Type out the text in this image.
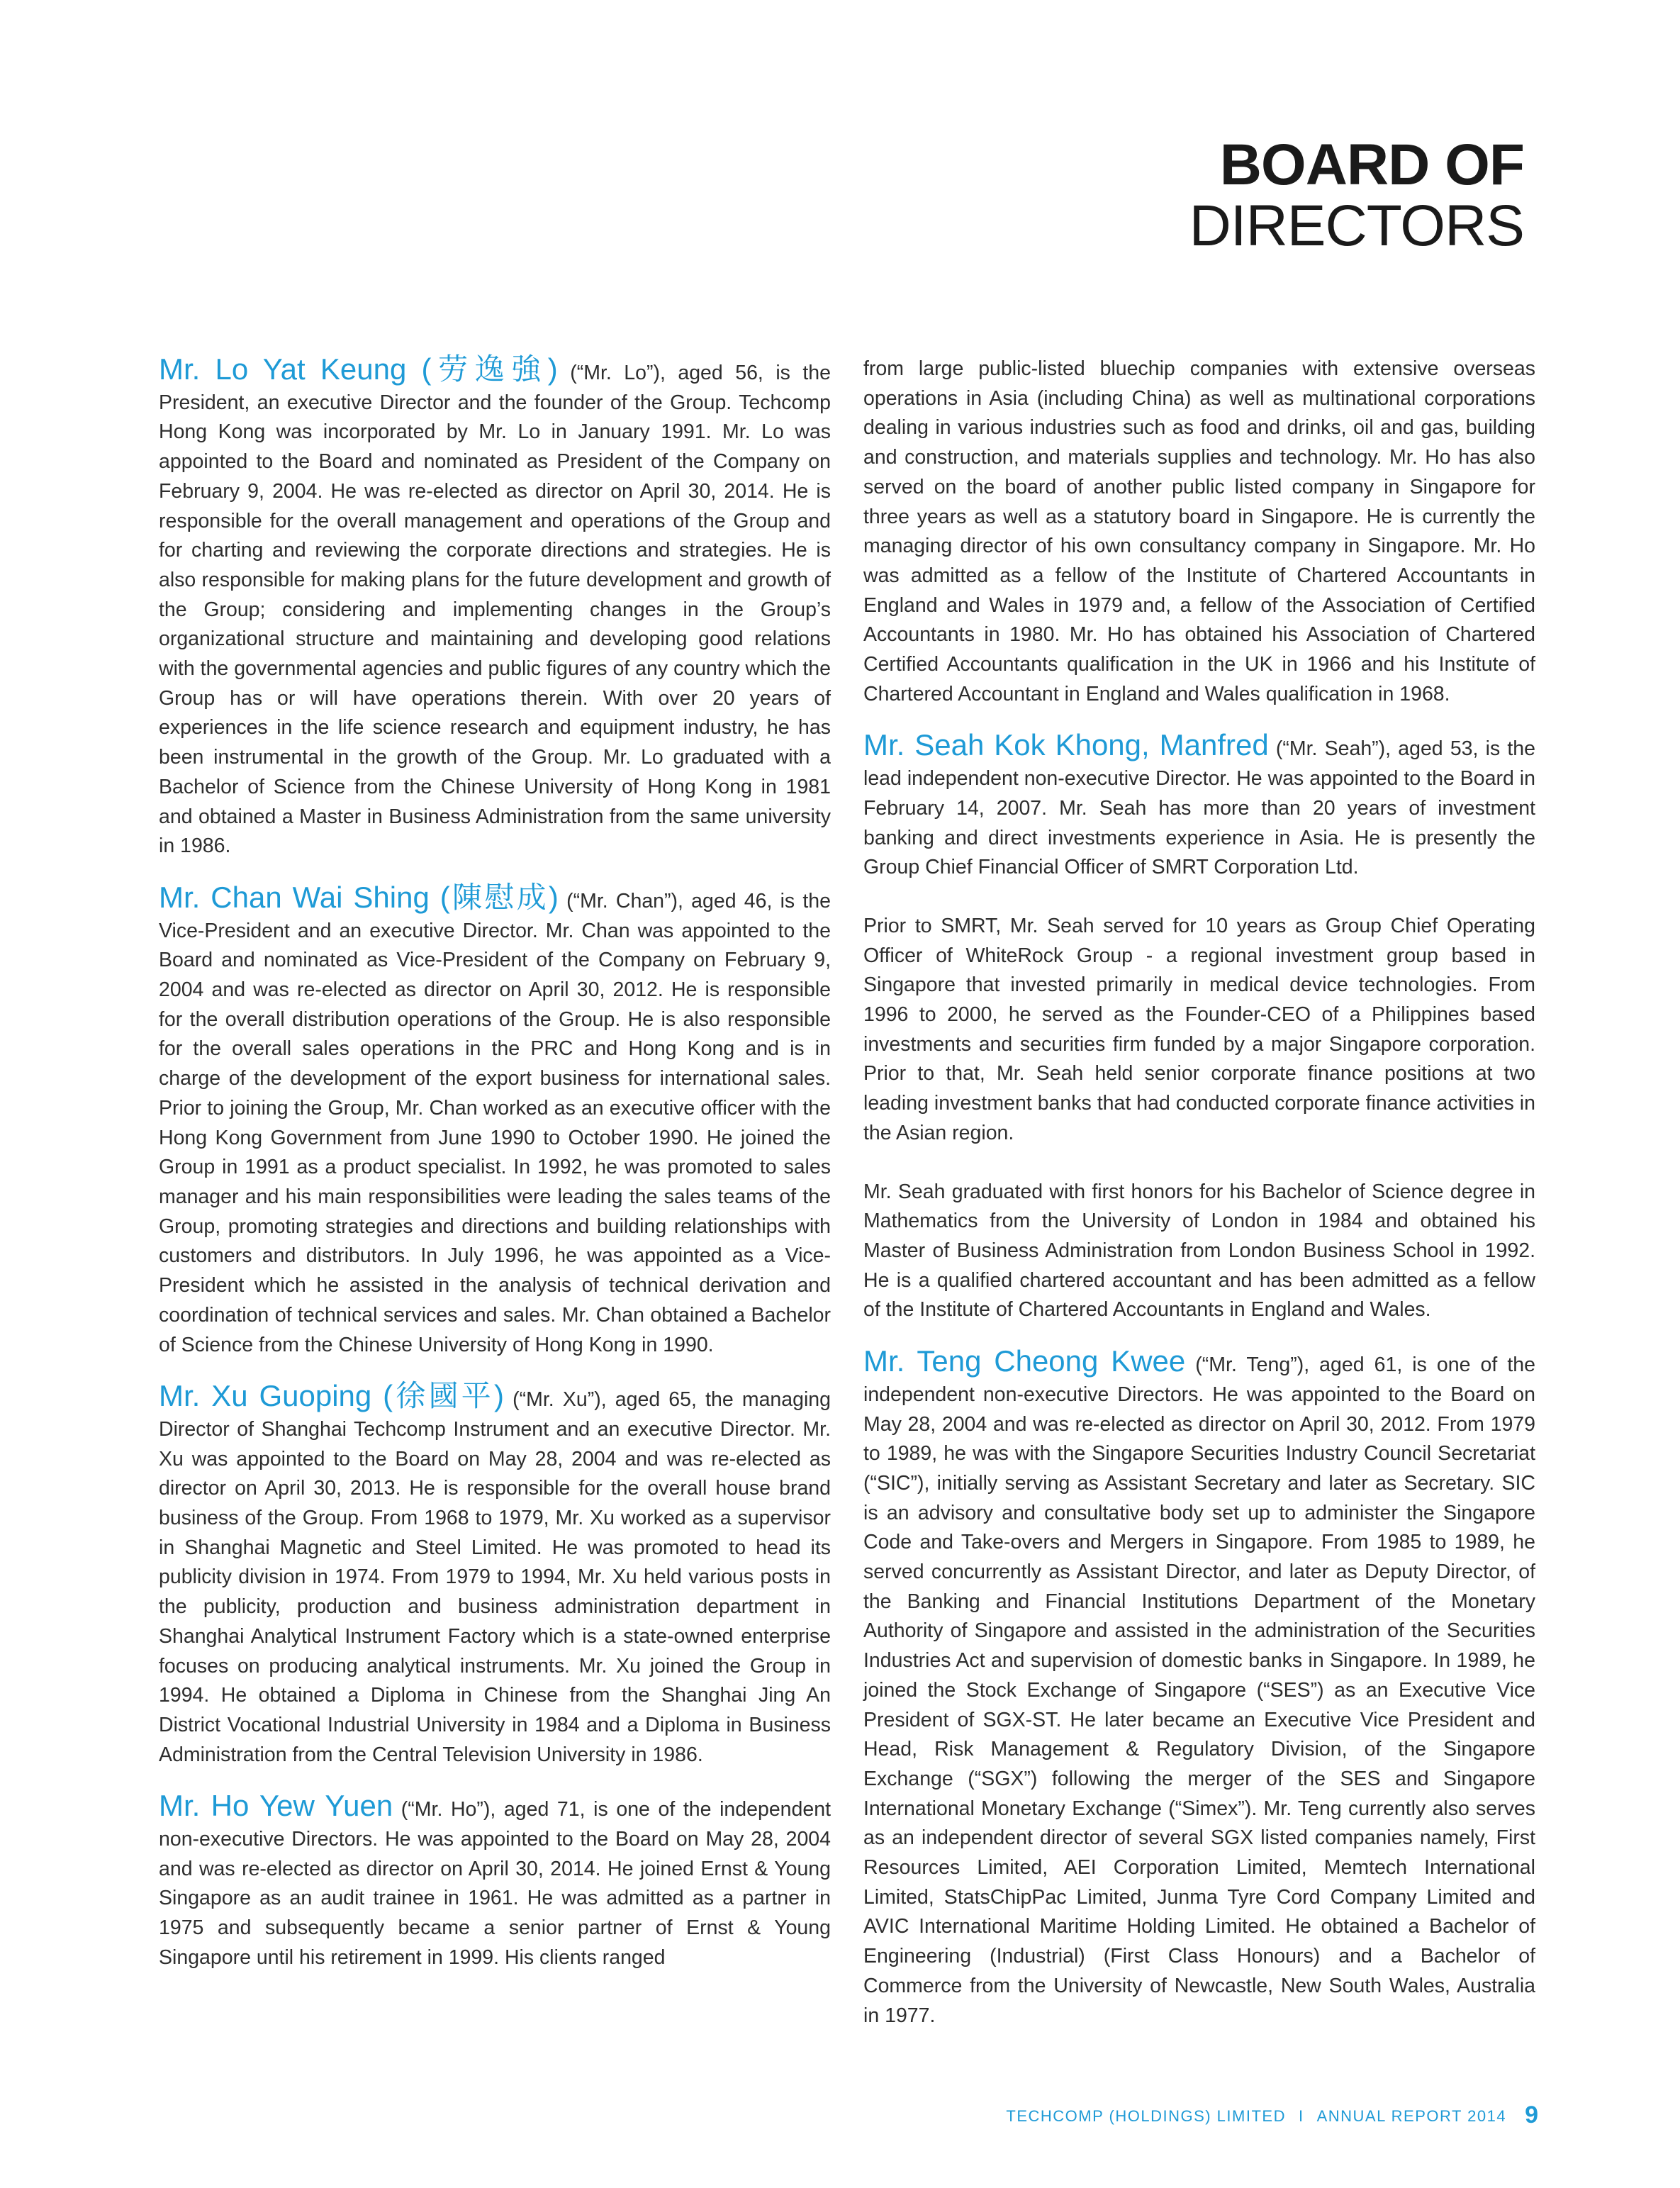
BOARD OF
DIRECTORS

Mr. Lo Yat Keung (劳逸強) (“Mr. Lo”), aged 56, is the President, an executive Director and the founder of the Group. Techcomp Hong Kong was incorporated by Mr. Lo in January 1991. Mr. Lo was appointed to the Board and nominated as President of the Company on February 9, 2004. He was re-elected as director on April 30, 2014. He is responsible for the overall management and operations of the Group and for charting and reviewing the corporate directions and strategies. He is also responsible for making plans for the future development and growth of the Group; considering and implementing changes in the Group’s organizational structure and maintaining and developing good relations with the governmental agencies and public figures of any country which the Group has or will have operations therein. With over 20 years of experiences in the life science research and equipment industry, he has been instrumental in the growth of the Group. Mr. Lo graduated with a Bachelor of Science from the Chinese University of Hong Kong in 1981 and obtained a Master in Business Administration from the same university in 1986.

Mr. Chan Wai Shing (陳慰成) (“Mr. Chan”), aged 46, is the Vice-President and an executive Director. Mr. Chan was appointed to the Board and nominated as Vice-President of the Company on February 9, 2004 and was re-elected as director on April 30, 2012. He is responsible for the overall distribution operations of the Group. He is also responsible for the overall sales operations in the PRC and Hong Kong and is in charge of the development of the export business for international sales. Prior to joining the Group, Mr. Chan worked as an executive officer with the Hong Kong Government from June 1990 to October 1990. He joined the Group in 1991 as a product specialist. In 1992, he was promoted to sales manager and his main responsibilities were leading the sales teams of the Group, promoting strategies and directions and building relationships with customers and distributors. In July 1996, he was appointed as a Vice- President which he assisted in the analysis of technical derivation and coordination of technical services and sales. Mr. Chan obtained a Bachelor of Science from the Chinese University of Hong Kong in 1990.

Mr. Xu Guoping (徐國平) (“Mr. Xu”), aged 65, the managing Director of Shanghai Techcomp Instrument and an executive Director. Mr. Xu was appointed to the Board on May 28, 2004 and was re-elected as director on April 30, 2013. He is responsible for the overall house brand business of the Group. From 1968 to 1979, Mr. Xu worked as a supervisor in Shanghai Magnetic and Steel Limited. He was promoted to head its publicity division in 1974. From 1979 to 1994, Mr. Xu held various posts in the publicity, production and business administration department in Shanghai Analytical Instrument Factory which is a state-owned enterprise focuses on producing analytical instruments. Mr. Xu joined the Group in 1994. He obtained a Diploma in Chinese from the Shanghai Jing An District Vocational Industrial University in 1984 and a Diploma in Business Administration from the Central Television University in 1986.

Mr. Ho Yew Yuen (“Mr. Ho”), aged 71, is one of the independent non-executive Directors. He was appointed to the Board on May 28, 2004 and was re-elected as director on April 30, 2014. He joined Ernst & Young Singapore as an audit trainee in 1961. He was admitted as a partner in 1975 and subsequently became a senior partner of Ernst & Young Singapore until his retirement in 1999. His clients ranged

from large public-listed bluechip companies with extensive overseas operations in Asia (including China) as well as multinational corporations dealing in various industries such as food and drinks, oil and gas, building and construction, and materials supplies and technology. Mr. Ho has also served on the board of another public listed company in Singapore for three years as well as a statutory board in Singapore. He is currently the managing director of his own consultancy company in Singapore. Mr. Ho was admitted as a fellow of the Institute of Chartered Accountants in England and Wales in 1979 and, a fellow of the Association of Certified Accountants in 1980. Mr. Ho has obtained his Association of Chartered Certified Accountants qualification in the UK in 1966 and his Institute of Chartered Accountant in England and Wales qualification in 1968.

Mr. Seah Kok Khong, Manfred (“Mr. Seah”), aged 53, is the lead independent non-executive Director. He was appointed to the Board in February 14, 2007. Mr. Seah has more than 20 years of investment banking and direct investments experience in Asia. He is presently the Group Chief Financial Officer of SMRT Corporation Ltd.

Prior to SMRT, Mr. Seah served for 10 years as Group Chief Operating Officer of WhiteRock Group - a regional investment group based in Singapore that invested primarily in medical device technologies. From 1996 to 2000, he served as the Founder-CEO of a Philippines based investments and securities firm funded by a major Singapore corporation. Prior to that, Mr. Seah held senior corporate finance positions at two leading investment banks that had conducted corporate finance activities in the Asian region.

Mr. Seah graduated with first honors for his Bachelor of Science degree in Mathematics from the University of London in 1984 and obtained his Master of Business Administration from London Business School in 1992. He is a qualified chartered accountant and has been admitted as a fellow of the Institute of Chartered Accountants in England and Wales.

Mr. Teng Cheong Kwee (“Mr. Teng”), aged 61, is one of the independent non-executive Directors. He was appointed to the Board on May 28, 2004 and was re-elected as director on April 30, 2012. From 1979 to 1989, he was with the Singapore Securities Industry Council Secretariat (“SIC”), initially serving as Assistant Secretary and later as Secretary. SIC is an advisory and consultative body set up to administer the Singapore Code and Take-overs and Mergers in Singapore. From 1985 to 1989, he served concurrently as Assistant Director, and later as Deputy Director, of the Banking and Financial Institutions Department of the Monetary Authority of Singapore and assisted in the administration of the Securities Industries Act and supervision of domestic banks in Singapore. In 1989, he joined the Stock Exchange of Singapore (“SES”) as an Executive Vice President of SGX-ST. He later became an Executive Vice President and Head, Risk Management & Regulatory Division, of the Singapore Exchange (“SGX”) following the merger of the SES and Singapore International Monetary Exchange (“Simex”). Mr. Teng currently also serves as an independent director of several SGX listed companies namely, First Resources Limited, AEI Corporation Limited, Memtech International Limited, StatsChipPac Limited, Junma Tyre Cord Company Limited and AVIC International Maritime Holding Limited. He obtained a Bachelor of Engineering (Industrial) (First Class Honours) and a Bachelor of Commerce from the University of Newcastle, New South Wales, Australia in 1977.

TECHCOMP (HOLDINGS) LIMITED I ANNUAL REPORT 2014 9
